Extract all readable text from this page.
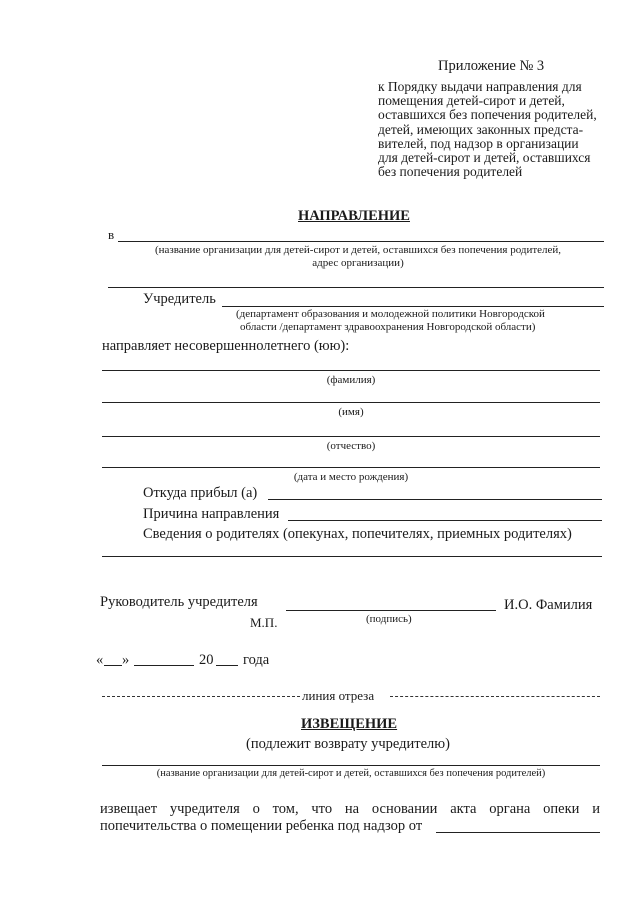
Приложение № 3
к Порядку выдачи направления для
помещения детей-сирот и детей,
оставшихся без попечения родителей,
детей, имеющих законных предста-
вителей, под надзор в организации
для детей-сирот и детей, оставшихся
без попечения родителей
НАПРАВЛЕНИЕ
в
(название организации для детей-сирот и детей, оставшихся без попечения родителей,
адрес организации)
Учредитель
(департамент образования и молодежной политики Новгородской
области /департамент здравоохранения Новгородской области)
направляет несовершеннолетнего (юю):
(фамилия)
(имя)
(отчество)
(дата и место рождения)
Откуда прибыл (а)
Причина направления
Сведения о родителях (опекунах, попечителях, приемных родителях)
Руководитель учредителя	И.О. Фамилия
М.П.	(подпись)
« »	20 года
линия отреза
ИЗВЕЩЕНИЕ
(подлежит возврату учредителю)
(название организации для детей-сирот и детей, оставшихся без попечения родителей)
извещает учредителя о том, что на основании акта органа опеки и
попечительства о помещении ребенка под надзор от
